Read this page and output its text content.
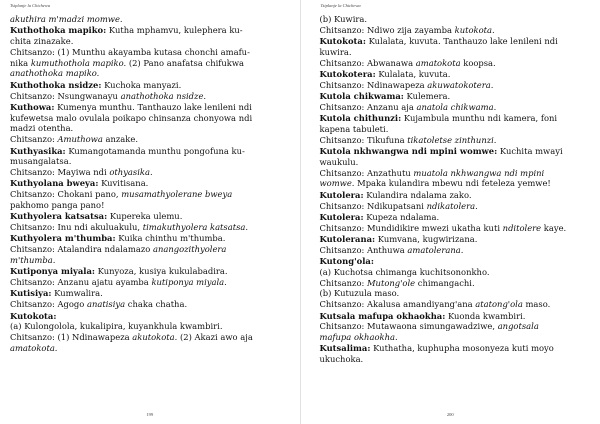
Tsiplanje la Chichewa
akuthira m'madzi momwe.
Kuthothoka mapiko: Kutha mphamvu, kulephera ku-
chita zinazake.
Chitsanzo: (1) Munthu akayamba kutasa chonchi amafu-
nika kumuthothola mapiko. (2) Pano anafatsa chifukwa
anathothoka mapiko.
Kuthothoka nsidze: Kuchoka manyazi.
Chitsanzo: Nsungwanayu anathothoka nsidze.
Kuthowa: Kumenya munthu. Tanthauzo lake lenileni ndi
kufewetsa malo ovulala poikapo chinsanza chonyowa ndi
madzi otentha.
Chitsanzo: Amuthowa anzake.
Kuthyasika: Kumangotamanda munthu pongofuna ku-
musangalatsa.
Chitsanzo: Mayiwa ndi othyasika.
Kuthyolana bweya: Kuvitisana.
Chitsanzo: Chokani pano, musamathyolerane bweya
pakhomo panga pano!
Kuthyolera katsatsa: Kupereka ulemu.
Chitsanzo: Inu ndi akuluakulu, timakuthyolera katsatsa.
Kuthyolera m'thumba: Kuika chinthu m'thumba.
Chitsanzo: Atalandira ndalamazo anangozithyolera
m'thumba.
Kutiponya miyala: Kunyoza, kusiya kukulabadira.
Chitsanzo: Anzanu ajatu ayamba kutiponya miyala.
Kutisiya: Kumwalira.
Chitsanzo: Agogo anatisiya chaka chatha.
Kutokota:
(a) Kulongolola, kukalipira, kuyankhula kwambiri.
Chitsanzo: (1) Ndinawapeza akutokota. (2) Akazi awo aja
amatokota.
199
Tsiplanje la Chichewa
(b) Kuwira.
Chitsanzo: Ndiwo zija zayamba kutokota.
Kutokota: Kulalata, kuvuta. Tanthauzo lake lenileni ndi
kuwira.
Chitsanzo: Abwanawa amatokota koopsa.
Kutokotera: Kulalata, kuvuta.
Chitsanzo: Ndinawapeza akuwatokotera.
Kutola chikwama: Kulemera.
Chitsanzo: Anzanu aja anatola chikwama.
Kutola chithunzi: Kujambula munthu ndi kamera, foni
kapena tabuleti.
Chitsanzo: Tikufuna tikatoletse zinthunzi.
Kutola nkhwangwa ndi mpini womwe: Kuchita mwayi
waukulu.
Chitsanzo: Anzathutu muatola nkhwangwa ndi mpini
womwe. Mpaka kulandira mbewu ndi feteleza yemwe!
Kutolera: Kulandira ndalama zako.
Chitsanzo: Ndikupatsani ndikatolera.
Kutolera: Kupeza ndalama.
Chitsanzo: Mundidikire mwezi ukatha kuti nditolere kaye.
Kutolerana: Kumvana, kugwirizana.
Chitsanzo: Anthuwa amatolerana.
Kutong'ola:
(a) Kuchotsa chimanga kuchitsononkho.
Chitsanzo: Mutong'ole chimangachi.
(b) Kutuzula maso.
Chitsanzo: Akalusa amandiyang'ana atatong'ola maso.
Kutsala mafupa okhaokha: Kuonda kwambiri.
Chitsanzo: Mutawaona simungawadziwe, angotsala
mafupa okhaokha.
Kutsalima: Kuthatha, kuphupha mosonyeza kuti moyo
ukuchoka.
200
